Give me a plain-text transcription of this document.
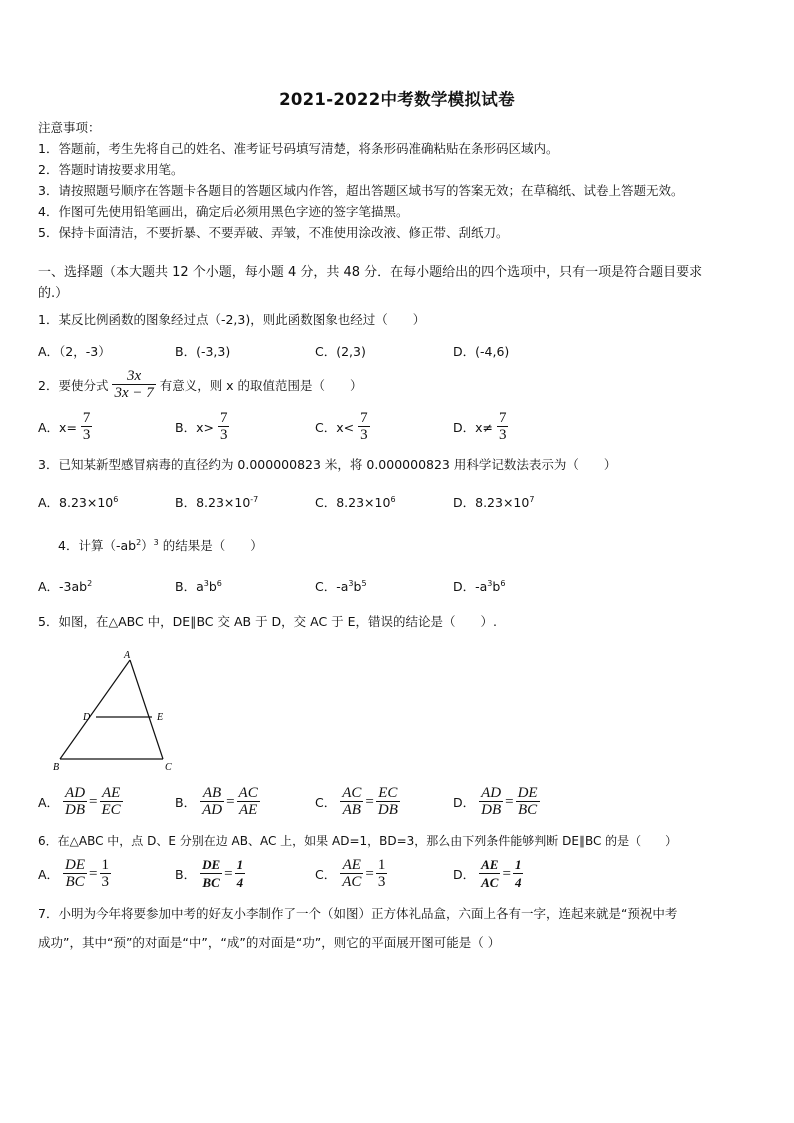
2021-2022中考数学模拟试卷
注意事项：
1．答题前，考生先将自己的姓名、准考证号码填写清楚，将条形码准确粘贴在条形码区域内。
2．答题时请按要求用笔。
3．请按照题号顺序在答题卡各题目的答题区域内作答，超出答题区域书写的答案无效；在草稿纸、试卷上答题无效。
4．作图可先使用铅笔画出，确定后必须用黑色字迹的签字笔描黑。
5．保持卡面清洁，不要折暴、不要弄破、弄皱，不准使用涂改液、修正带、刮纸刀。
一、选择题（本大题共 12 个小题，每小题 4 分，共 48 分．在每小题给出的四个选项中，只有一项是符合题目要求
的.）
1．某反比例函数的图象经过点（-2,3)，则此函数图象也经过（　　）
A．（2，-3）	B．(-3,3)	C．(2,3)	D．(-4,6)
2．要使分式 $\frac{3x}{3x - 7}$ 有意义，则 x 的取值范围是（　　）
A．$x= \frac{7}{3}$	B．$x> \frac{7}{3}$	C．$x< \frac{7}{3}$	D．$x\ne \frac{7}{3}$
3．已知某新型感冒病毒的直径约为 0.000000823 米，将 0.000000823 用科学记数法表示为（　　）
A．$8.23\times 10^6$	B．$8.23\times 10^{-7}$	C．$8.23\times 10^6$	D．$8.23\times 10^7$
4．计算$(-ab^2)^3$ 的结果是（　　）
A．$-3ab^2$	B．$a^3b^6$	C．$-a^3b^5$	D．$-a^3b^6$
5．如图，在△ABC 中，DE∥BC 交 AB 于 D，交 AC 于 E，错误的结论是（　　）.
A
D	E
B	C
A． $\frac{AD}{DB} = \frac{AE}{EC}$	B． $\frac{AB}{AD} = \frac{AC}{AE}$	C． $\frac{AC}{AB} = \frac{EC}{DB}$	D． $\frac{AD}{DB} = \frac{DE}{BC}$
6．在△ABC 中，点 D、E 分别在边 AB、AC 上，如果 AD=1，BD=3，那么由下列条件能够判断 DE∥BC 的是（　　）
A． $\frac{DE}{BC} = \frac{1}{3}$	B． $\frac{DE}{BC} = \frac{1}{4}$	C． $\frac{AE}{AC} = \frac{1}{3}$	D． $\frac{AE}{AC} = \frac{1}{4}$
7．小明为今年将要参加中考的好友小李制作了一个（如图）正方体礼品盒，六面上各有一字，连起来就是“预祝中考
成功”，其中“预”的对面是“中”，“成”的对面是“功”，则它的平面展开图可能是（ ）
